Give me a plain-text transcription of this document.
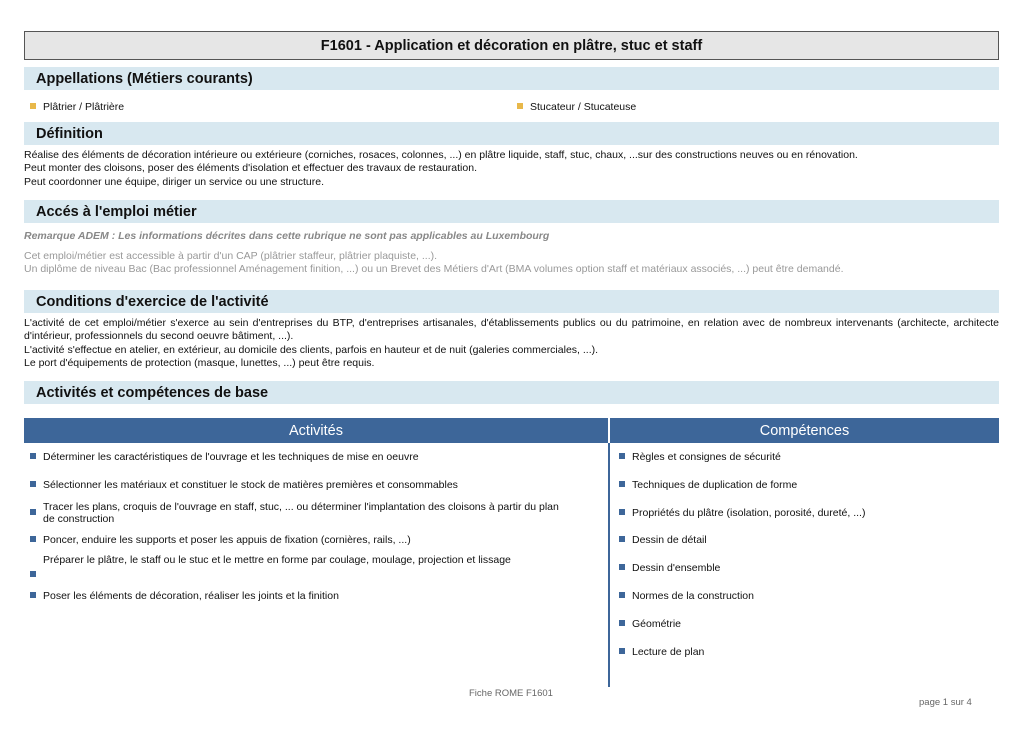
F1601 - Application et décoration en plâtre, stuc et staff
Appellations (Métiers courants)
Plâtrier / Plâtrière	Stucateur / Stucateuse
Définition
Réalise des éléments de décoration intérieure ou extérieure (corniches, rosaces, colonnes, ...) en plâtre liquide, staff, stuc, chaux, ...sur des constructions neuves ou en rénovation.
Peut monter des cloisons, poser des éléments d'isolation et effectuer des travaux de restauration.
Peut coordonner une équipe, diriger un service ou une structure.
Accés à l'emploi métier
Remarque ADEM : Les informations décrites dans cette rubrique ne sont pas applicables au Luxembourg
Cet emploi/métier est accessible à partir d'un CAP (plâtrier staffeur, plâtrier plaquiste, ...).
Un diplôme de niveau Bac (Bac professionnel Aménagement finition, ...) ou un Brevet des Métiers d'Art (BMA volumes option staff et matériaux associés, ...) peut être demandé.
Conditions d'exercice de l'activité
L'activité de cet emploi/métier s'exerce au sein d'entreprises du BTP, d'entreprises artisanales, d'établissements publics ou du patrimoine, en relation avec de nombreux intervenants (architecte, architecte d'intérieur, professionnels du second oeuvre bâtiment, ...).
L'activité s'effectue en atelier, en extérieur, au domicile des clients, parfois en hauteur et de nuit (galeries commerciales, ...).
Le port d'équipements de protection (masque, lunettes, ...) peut être requis.
Activités et compétences de base
Activités	Compétences
Déterminer les caractéristiques de l'ouvrage et les techniques de mise en oeuvre
Sélectionner les matériaux et constituer le stock de matières premières et consommables
Tracer les plans, croquis de l'ouvrage en staff, stuc, ... ou déterminer l'implantation des cloisons à partir du plan de construction
Poncer, enduire les supports et poser les appuis de fixation (cornières, rails, ...)
Préparer le plâtre, le staff ou le stuc et le mettre en forme par coulage, moulage, projection et lissage
Poser les éléments de décoration, réaliser les joints et la finition
Règles et consignes de sécurité
Techniques de duplication de forme
Propriétés du plâtre (isolation, porosité, dureté, ...)
Dessin de détail
Dessin d'ensemble
Normes de la construction
Géométrie
Lecture de plan
Fiche ROME F1601
page 1 sur 4
